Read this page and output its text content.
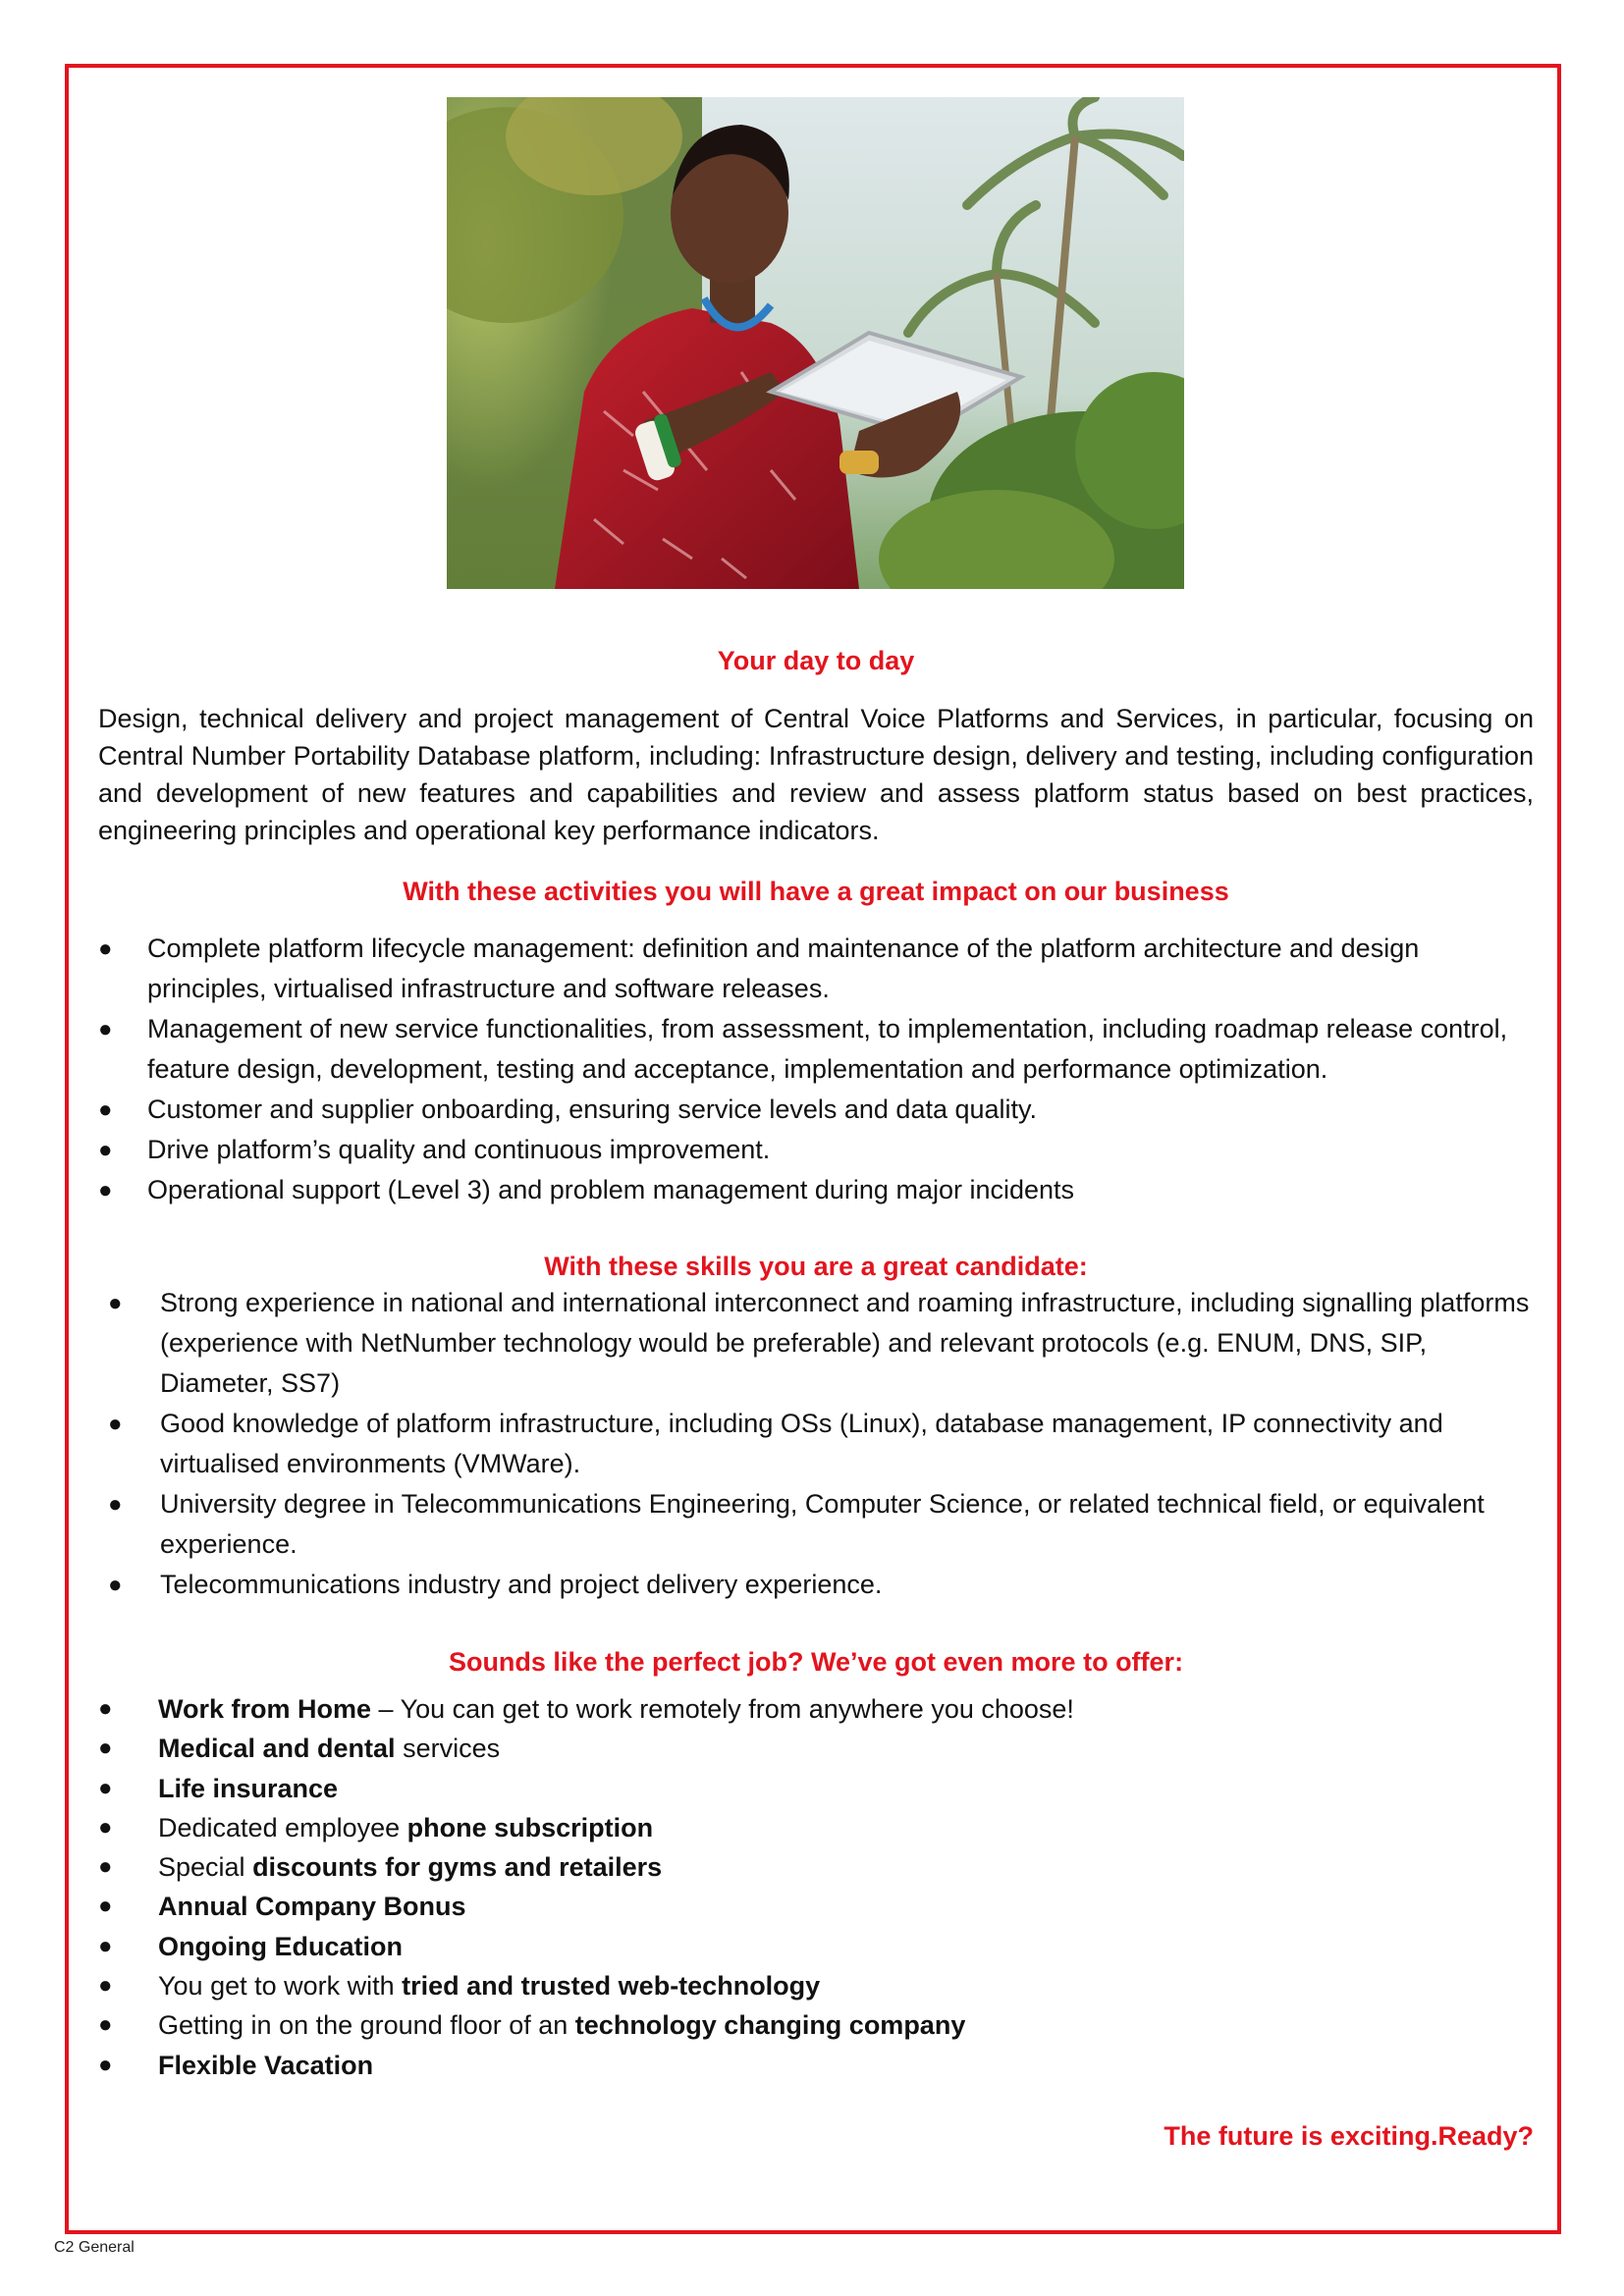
Your day to day
Design, technical delivery and project management of Central Voice Platforms and Services, in particular, focusing on Central Number Portability Database platform, including: Infrastructure design, delivery and testing, including configuration and development of new features and capabilities and review and assess platform status based on best practices, engineering principles and operational key performance indicators.
With these activities you will have a great impact on our business
● Complete platform lifecycle management: definition and maintenance of the platform architecture and design principles, virtualised infrastructure and software releases.
● Management of new service functionalities, from assessment, to implementation, including roadmap release control, feature design, development, testing and acceptance, implementation and performance optimization.
● Customer and supplier onboarding, ensuring service levels and data quality.
● Drive platform’s quality and continuous improvement.
● Operational support (Level 3) and problem management during major incidents
With these skills you are a great candidate:
● Strong experience in national and international interconnect and roaming infrastructure, including signalling platforms (experience with NetNumber technology would be preferable) and relevant protocols (e.g. ENUM, DNS, SIP, Diameter, SS7)
● Good knowledge of platform infrastructure, including OSs (Linux), database management, IP connectivity and virtualised environments (VMWare).
● University degree in Telecommunications Engineering, Computer Science, or related technical field, or equivalent experience.
● Telecommunications industry and project delivery experience.
Sounds like the perfect job? We’ve got even more to offer:
● Work from Home – You can get to work remotely from anywhere you choose!
● Medical and dental services
● Life insurance
● Dedicated employee phone subscription
● Special discounts for gyms and retailers
● Annual Company Bonus
● Ongoing Education
● You get to work with tried and trusted web-technology
● Getting in on the ground floor of an technology changing company
● Flexible Vacation
The future is exciting.Ready?
C2 General
